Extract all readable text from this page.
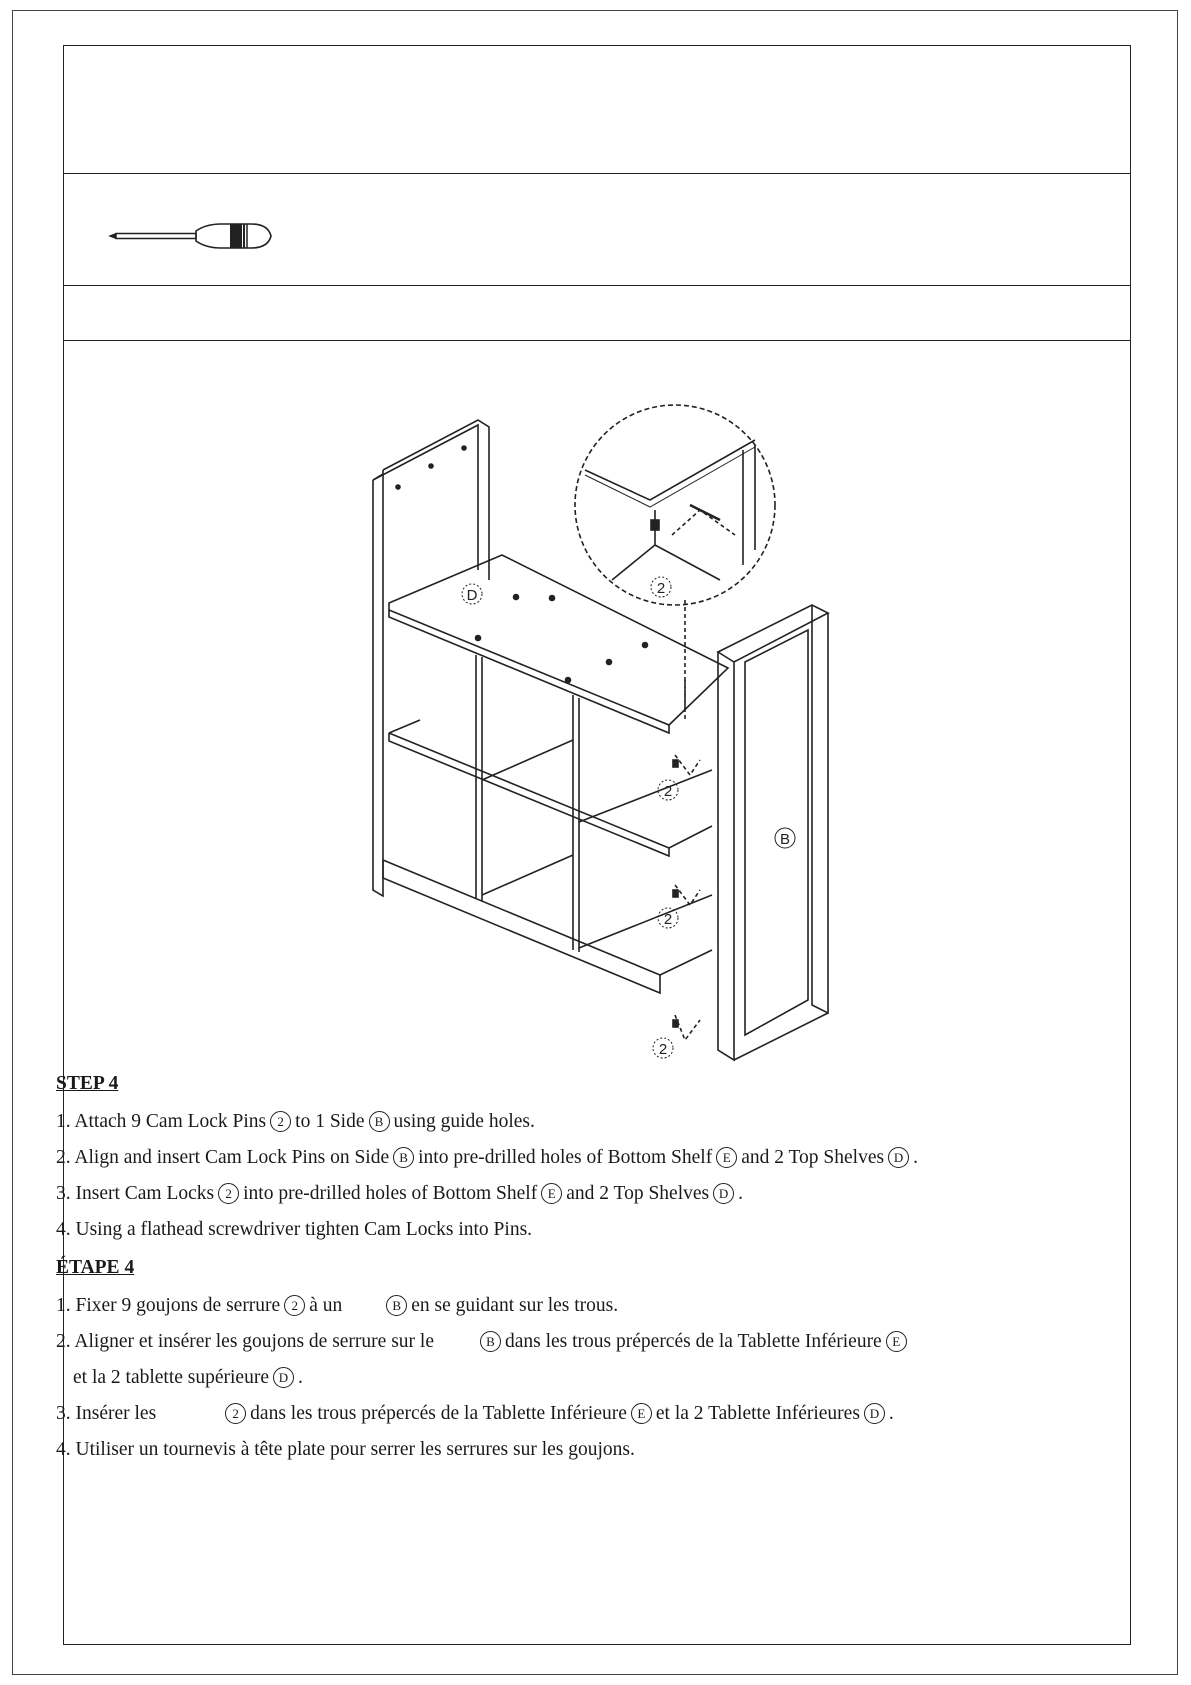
D
B
2
2
2
2

STEP 4

1. Attach 9 Cam Lock Pins 2 to 1 Side B using guide holes.

2. Align and insert Cam Lock Pins on Side B into pre-drilled holes of Bottom Shelf E and 2 Top Shelves D .

3. Insert Cam Locks 2 into pre-drilled holes of Bottom Shelf E and 2 Top Shelves D .

4. Using a flathead screwdriver tighten Cam Locks into Pins.

ÉTAPE 4

1. Fixer 9 goujons de serrure 2 à un	B en se guidant sur les trous.

2. Aligner et insérer les goujons de serrure sur le	B dans les trous prépercés de la Tablette Inférieure E

et la 2 tablette supérieure D .

3. Insérer les	2 dans les trous prépercés de la Tablette Inférieure E et la 2 Tablette Inférieures D .

4. Utiliser un tournevis à tête plate pour serrer les serrures sur les goujons.
